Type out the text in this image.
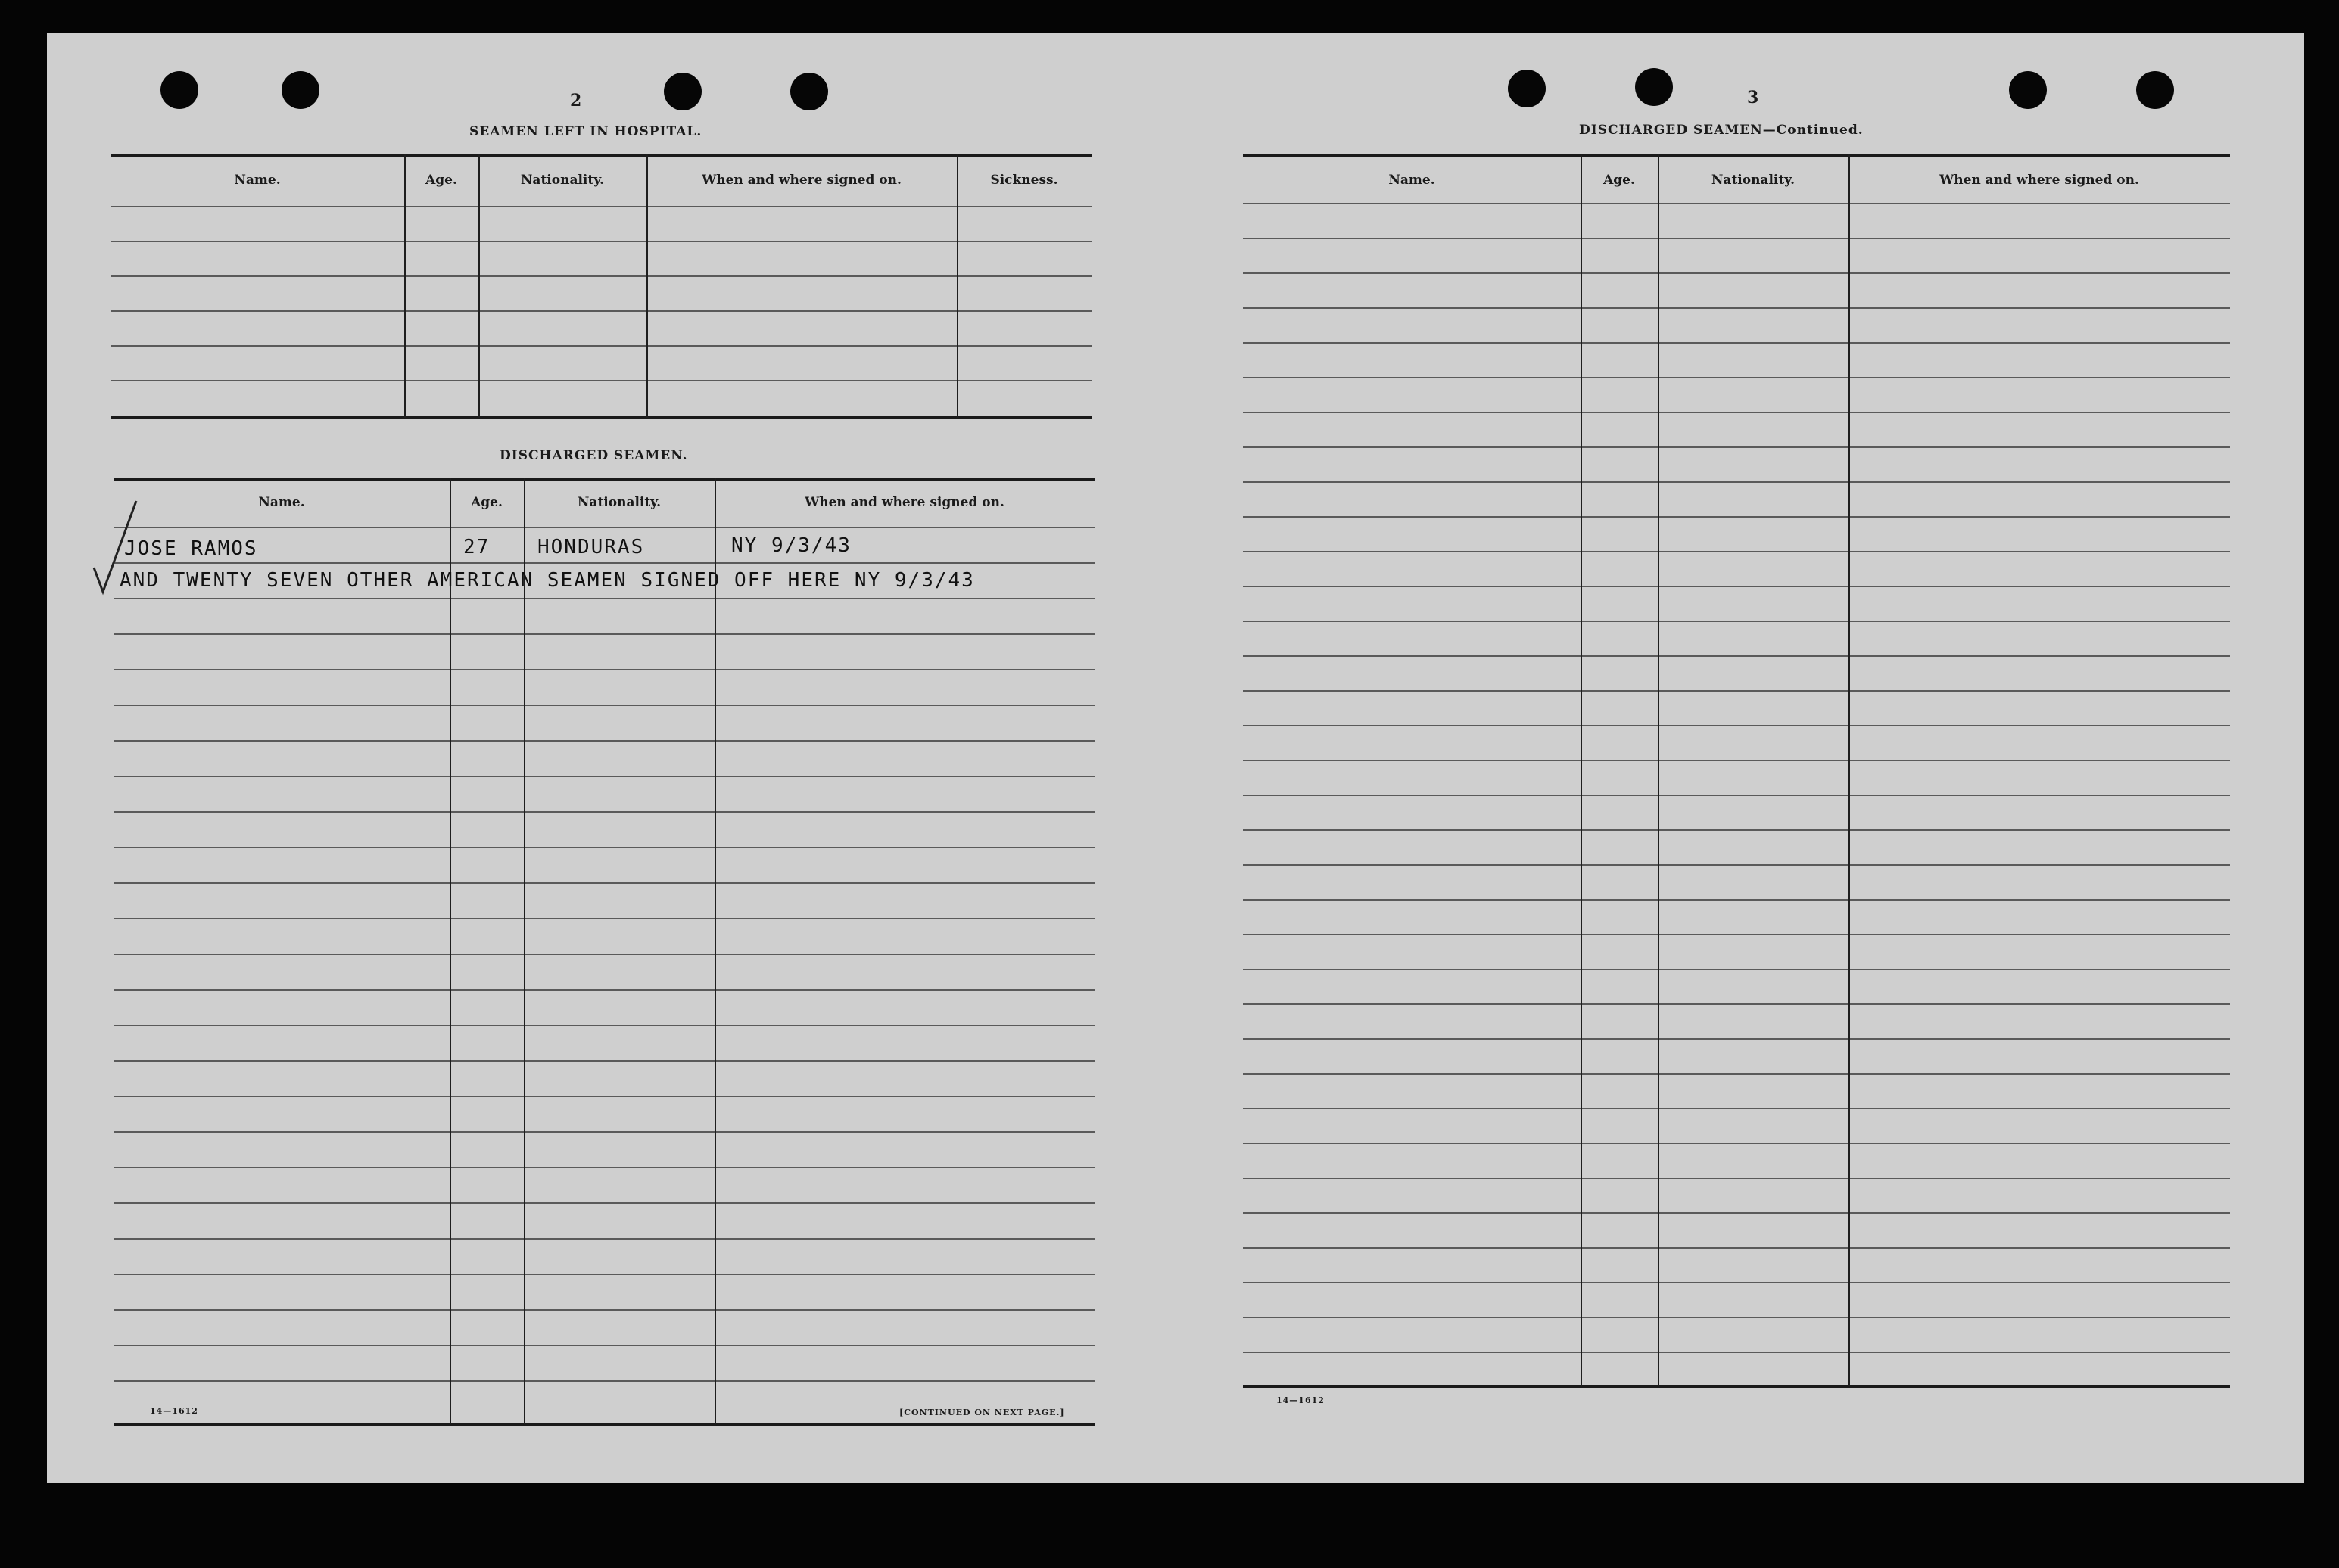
2
SEAMEN LEFT IN HOSPITAL.
Name.	Age.	Nationality.	When and where signed on.	Sickness.
DISCHARGED SEAMEN.
Name.	Age.	Nationality.	When and where signed on.
JOSE RAMOS	27 HONDURAS	NY 9/3/43
AND TWENTY SEVEN OTHER AMERICAN SEAMEN SIGNED OFF HERE NY 9/3/43
14—1612	[CONTINUED ON NEXT PAGE.]
3
DISCHARGED SEAMEN—Continued.
Name.	Age.	Nationality.	When and where signed on.
14—1612
